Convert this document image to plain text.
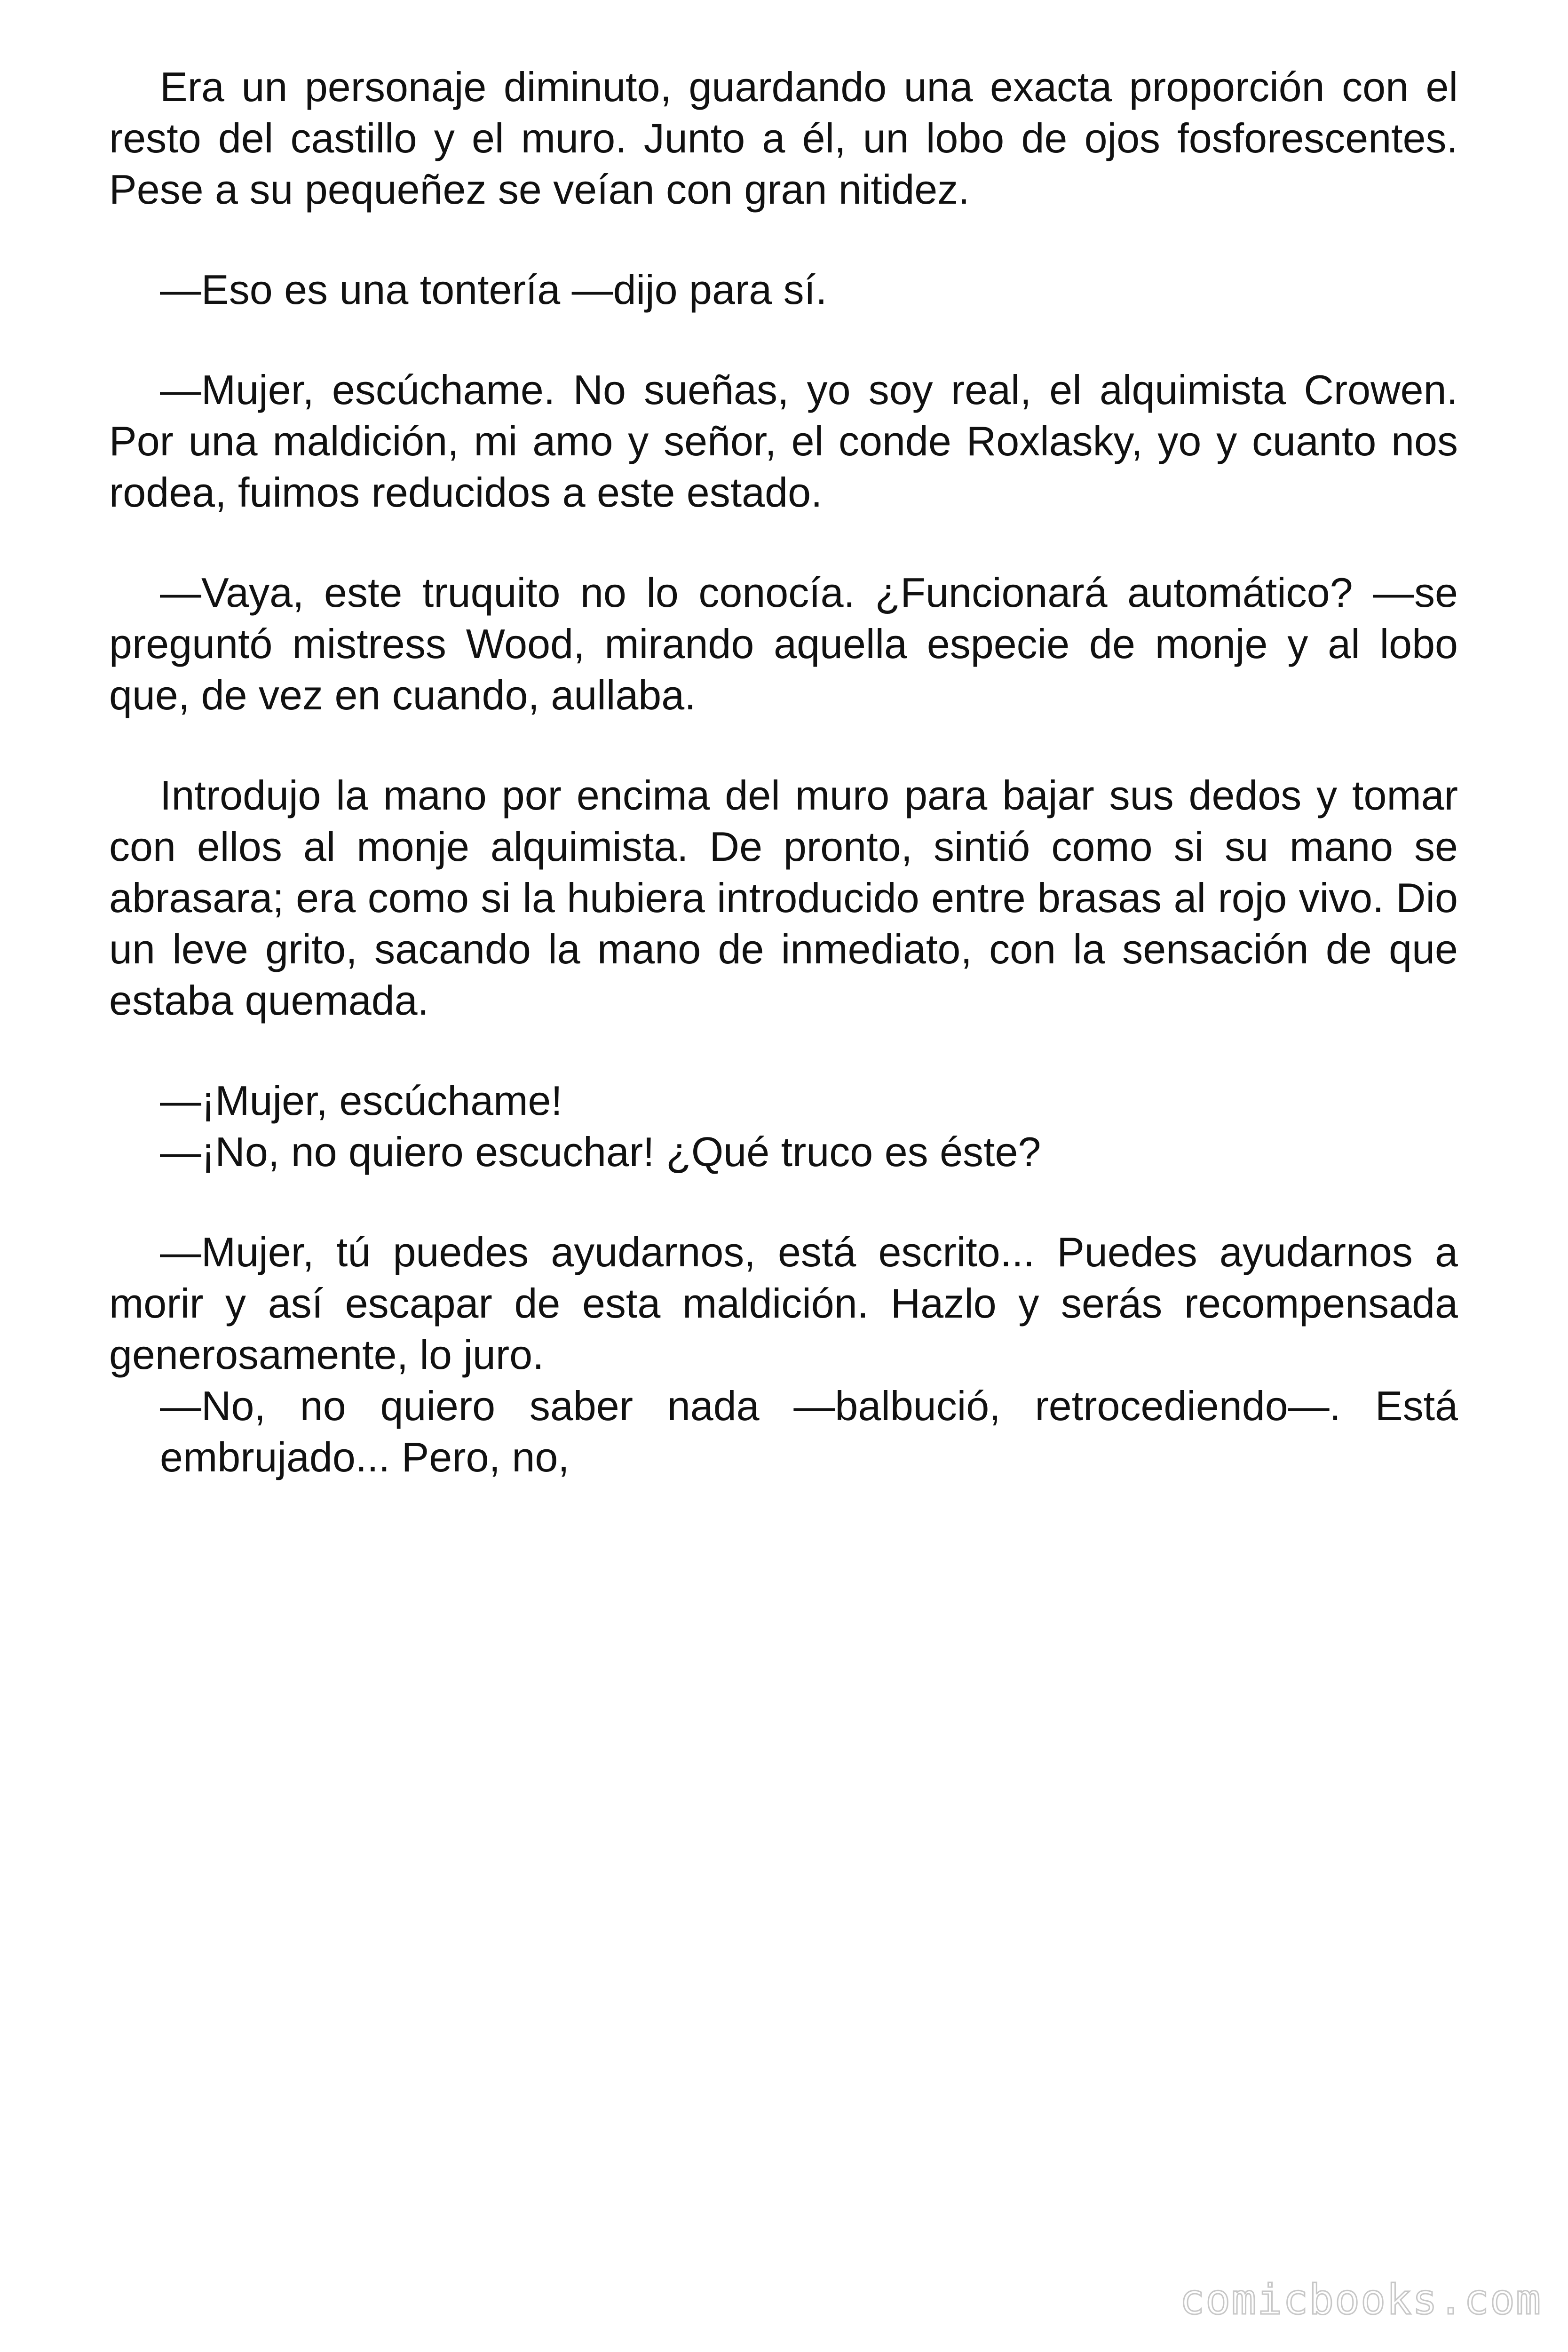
Era un personaje diminuto, guardando una exacta proporción con el resto del castillo y el muro. Junto a él, un lobo de ojos fosforescentes. Pese a su pequeñez se veían con gran nitidez.

—Eso es una tontería —dijo para sí.

—Mujer, escúchame. No sueñas, yo soy real, el alquimista Crowen. Por una maldición, mi amo y señor, el conde Roxlasky, yo y cuanto nos rodea, fuimos reducidos a este estado.

—Vaya, este truquito no lo conocía. ¿Funcionará automático? —se preguntó mistress Wood, mirando aquella especie de monje y al lobo que, de vez en cuando, aullaba.

Introdujo la mano por encima del muro para bajar sus dedos y tomar con ellos al monje alquimista. De pronto, sintió como si su mano se abrasara; era como si la hubiera introducido entre brasas al rojo vivo. Dio un leve grito, sacando la mano de inmediato, con la sensación de que estaba quemada.

—¡Mujer, escúchame!

—¡No, no quiero escuchar! ¿Qué truco es éste?

—Mujer, tú puedes ayudarnos, está escrito... Puedes ayudarnos a morir y así escapar de esta maldición. Hazlo y serás recompensada generosamente, lo juro.

—No, no quiero saber nada —balbució, retrocediendo—. Está embrujado... Pero, no,

comicbooks.com
